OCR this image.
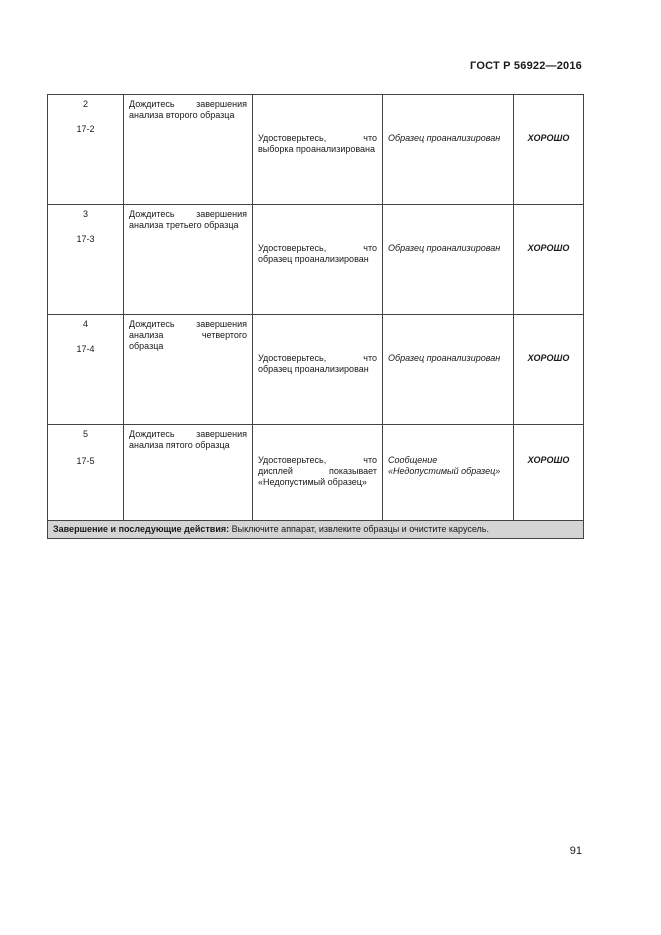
ГОСТ Р 56922—2016
2
17-2	Дождитесь завершения анализа второго образца	Удостоверьтесь, что выборка проанализирована	Образец проанализирован	ХОРОШО

3
17-3	Дождитесь завершения анализа третьего образца	Удостоверьтесь, что образец проанализирован	Образец проанализирован	ХОРОШО

4
17-4	Дождитесь завершения анализа четвертого образца	Удостоверьтесь, что образец проанализирован	Образец проанализирован	ХОРОШО

5
17-5	Дождитесь завершения анализа пятого образца	Удостоверьтесь, что дисплей показывает «Недопустимый образец»	Сообщение «Недопустимый образец»	ХОРОШО
Завершение и последующие действия: Выключите аппарат, извлеките образцы и очистите карусель.				
91
